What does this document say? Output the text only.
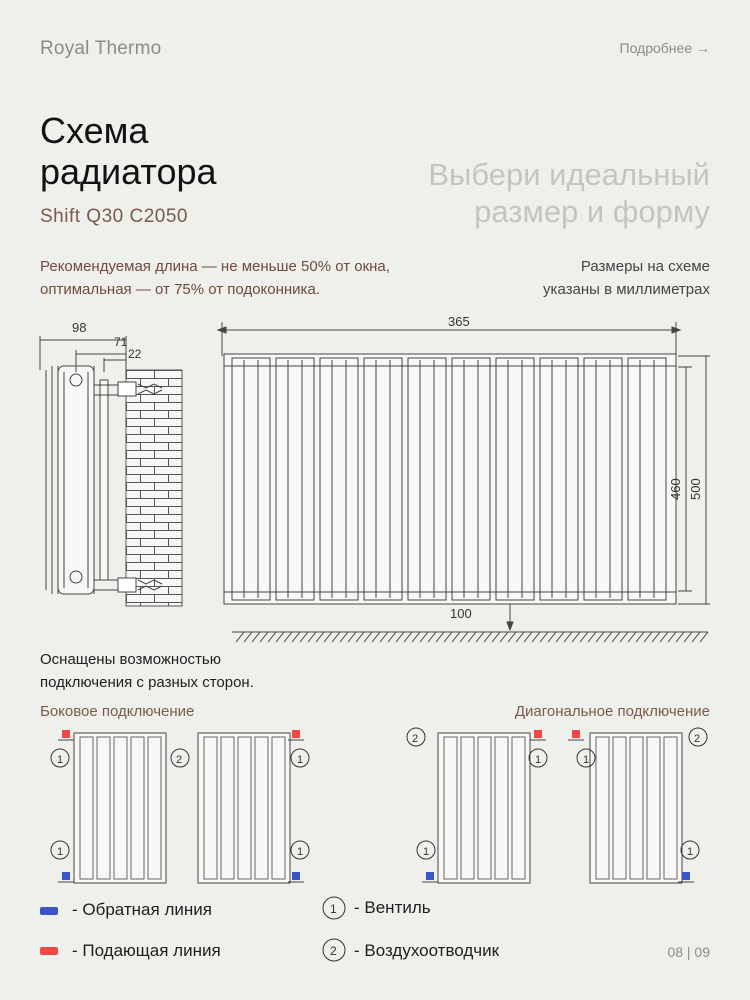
Royal Thermo	Подробнее →
Схема
радиатора
Shift Q30 C2050
Выбери идеальный
размер и форму
Рекомендуемая длина — не меньше 50% от окна,
оптимальная — от 75% от подоконника.
Размеры на схеме
указаны в миллиметрах
98
71
22
365
460 500
100
1
1
2	1
1
2
1
1
1
2
1
1
2
Оснащены возможностью
подключения с разных сторон.
Боковое подключение	Диагональное подключение
- Обратная линия
- Подающая линия
- Вентиль
- Воздухоотводчик	08 | 09
